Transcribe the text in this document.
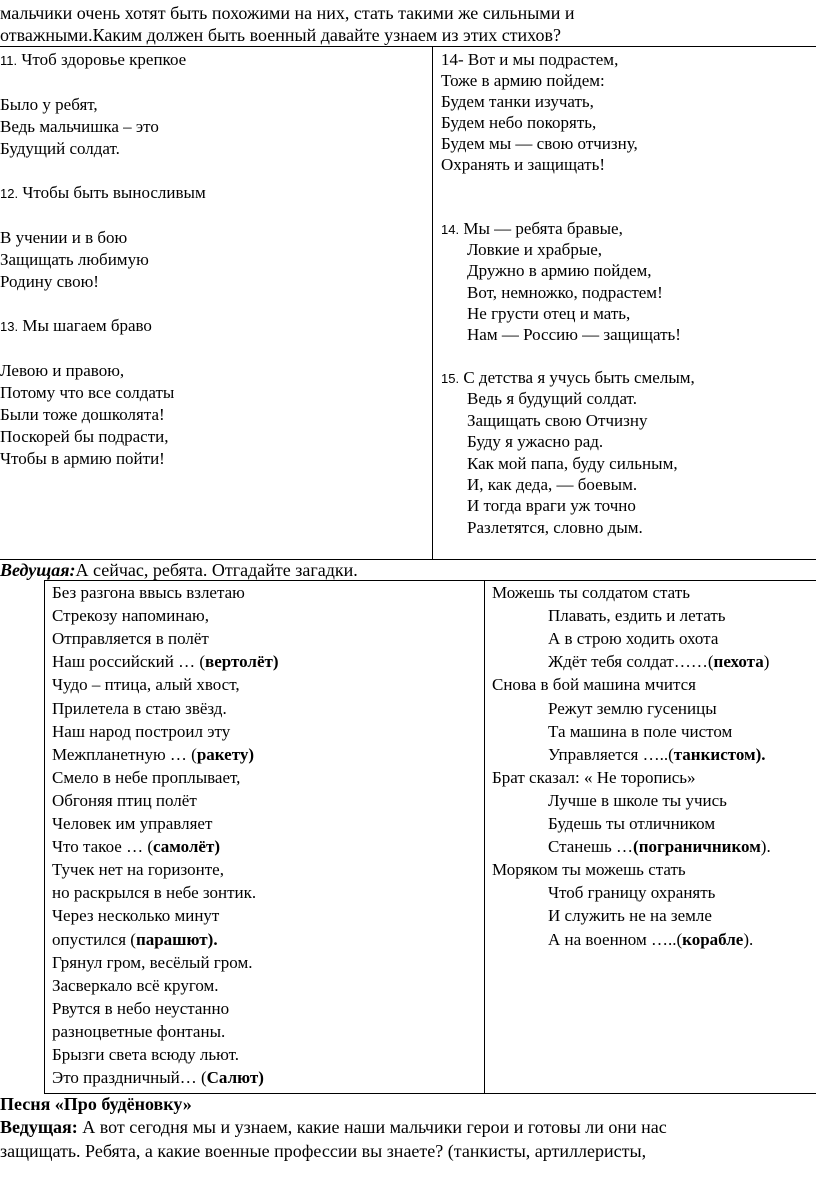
мальчики очень хотят быть похожими на них, стать такими же сильными и
отважными.Каким должен быть военный давайте узнаем из этих стихов?
11. Чтоб здоровье крепкое
Было у ребят,
Ведь мальчишка – это
Будущий солдат.
12. Чтобы быть выносливым
В учении и в бою
Защищать любимую
Родину свою!
13. Мы шагаем браво
Левою и правою,
Потому что все солдаты
Были тоже дошколята!
Поскорей бы подрасти,
Чтобы в армию пойти!
14- Вот и мы подрастем,
Тоже в армию пойдем:
Будем танки изучать,
Будем небо покорять,
Будем мы — свою отчизну,
Охранять и защищать!
14. Мы — ребята бравые,
Ловкие и храбрые,
Дружно в армию пойдем,
Вот, немножко, подрастем!
Не грусти отец и мать,
Нам — Россию — защищать!
15. С детства я учусь быть смелым,
Ведь я будущий солдат.
Защищать свою Отчизну
Буду я ужасно рад.
Как мой папа, буду сильным,
И, как деда, — боевым.
И тогда враги уж точно
Разлетятся, словно дым.
Ведущая:А сейчас, ребята. Отгадайте загадки.
Без разгона ввысь взлетаю
Стрекозу напоминаю,
Отправляется в полёт
Наш российский … (вертолёт)
Чудо – птица, алый хвост,
Прилетела в стаю звёзд.
Наш народ построил эту
Межпланетную … (ракету)
Смело в небе проплывает,
Обгоняя птиц полёт
Человек им управляет
Что такое … (самолёт)
Тучек нет на горизонте,
но раскрылся в небе зонтик.
Через несколько минут
опустился (парашют).
Грянул гром, весёлый гром.
Засверкало всё кругом.
Рвутся в небо неустанно
разноцветные фонтаны.
Брызги света всюду льют.
Это праздничный… (Салют)
Можешь ты солдатом стать
Плавать, ездить и летать
А в строю ходить охота
Ждёт тебя солдат……(пехота)
Снова в бой машина мчится
Режут землю гусеницы
Та машина в поле чистом
Управляется …..(танкистом).
Брат сказал: « Не торопись»
Лучше в школе ты учись
Будешь ты отличником
Станешь …(пограничником).
Моряком ты можешь стать
Чтоб границу охранять
И служить не на земле
А на военном …..(корабле).
Песня «Про будёновку»
Ведущая: А вот сегодня мы и узнаем, какие наши мальчики герои и готовы ли они нас
защищать. Ребята, а какие военные профессии вы знаете? (танкисты, артиллеристы,
